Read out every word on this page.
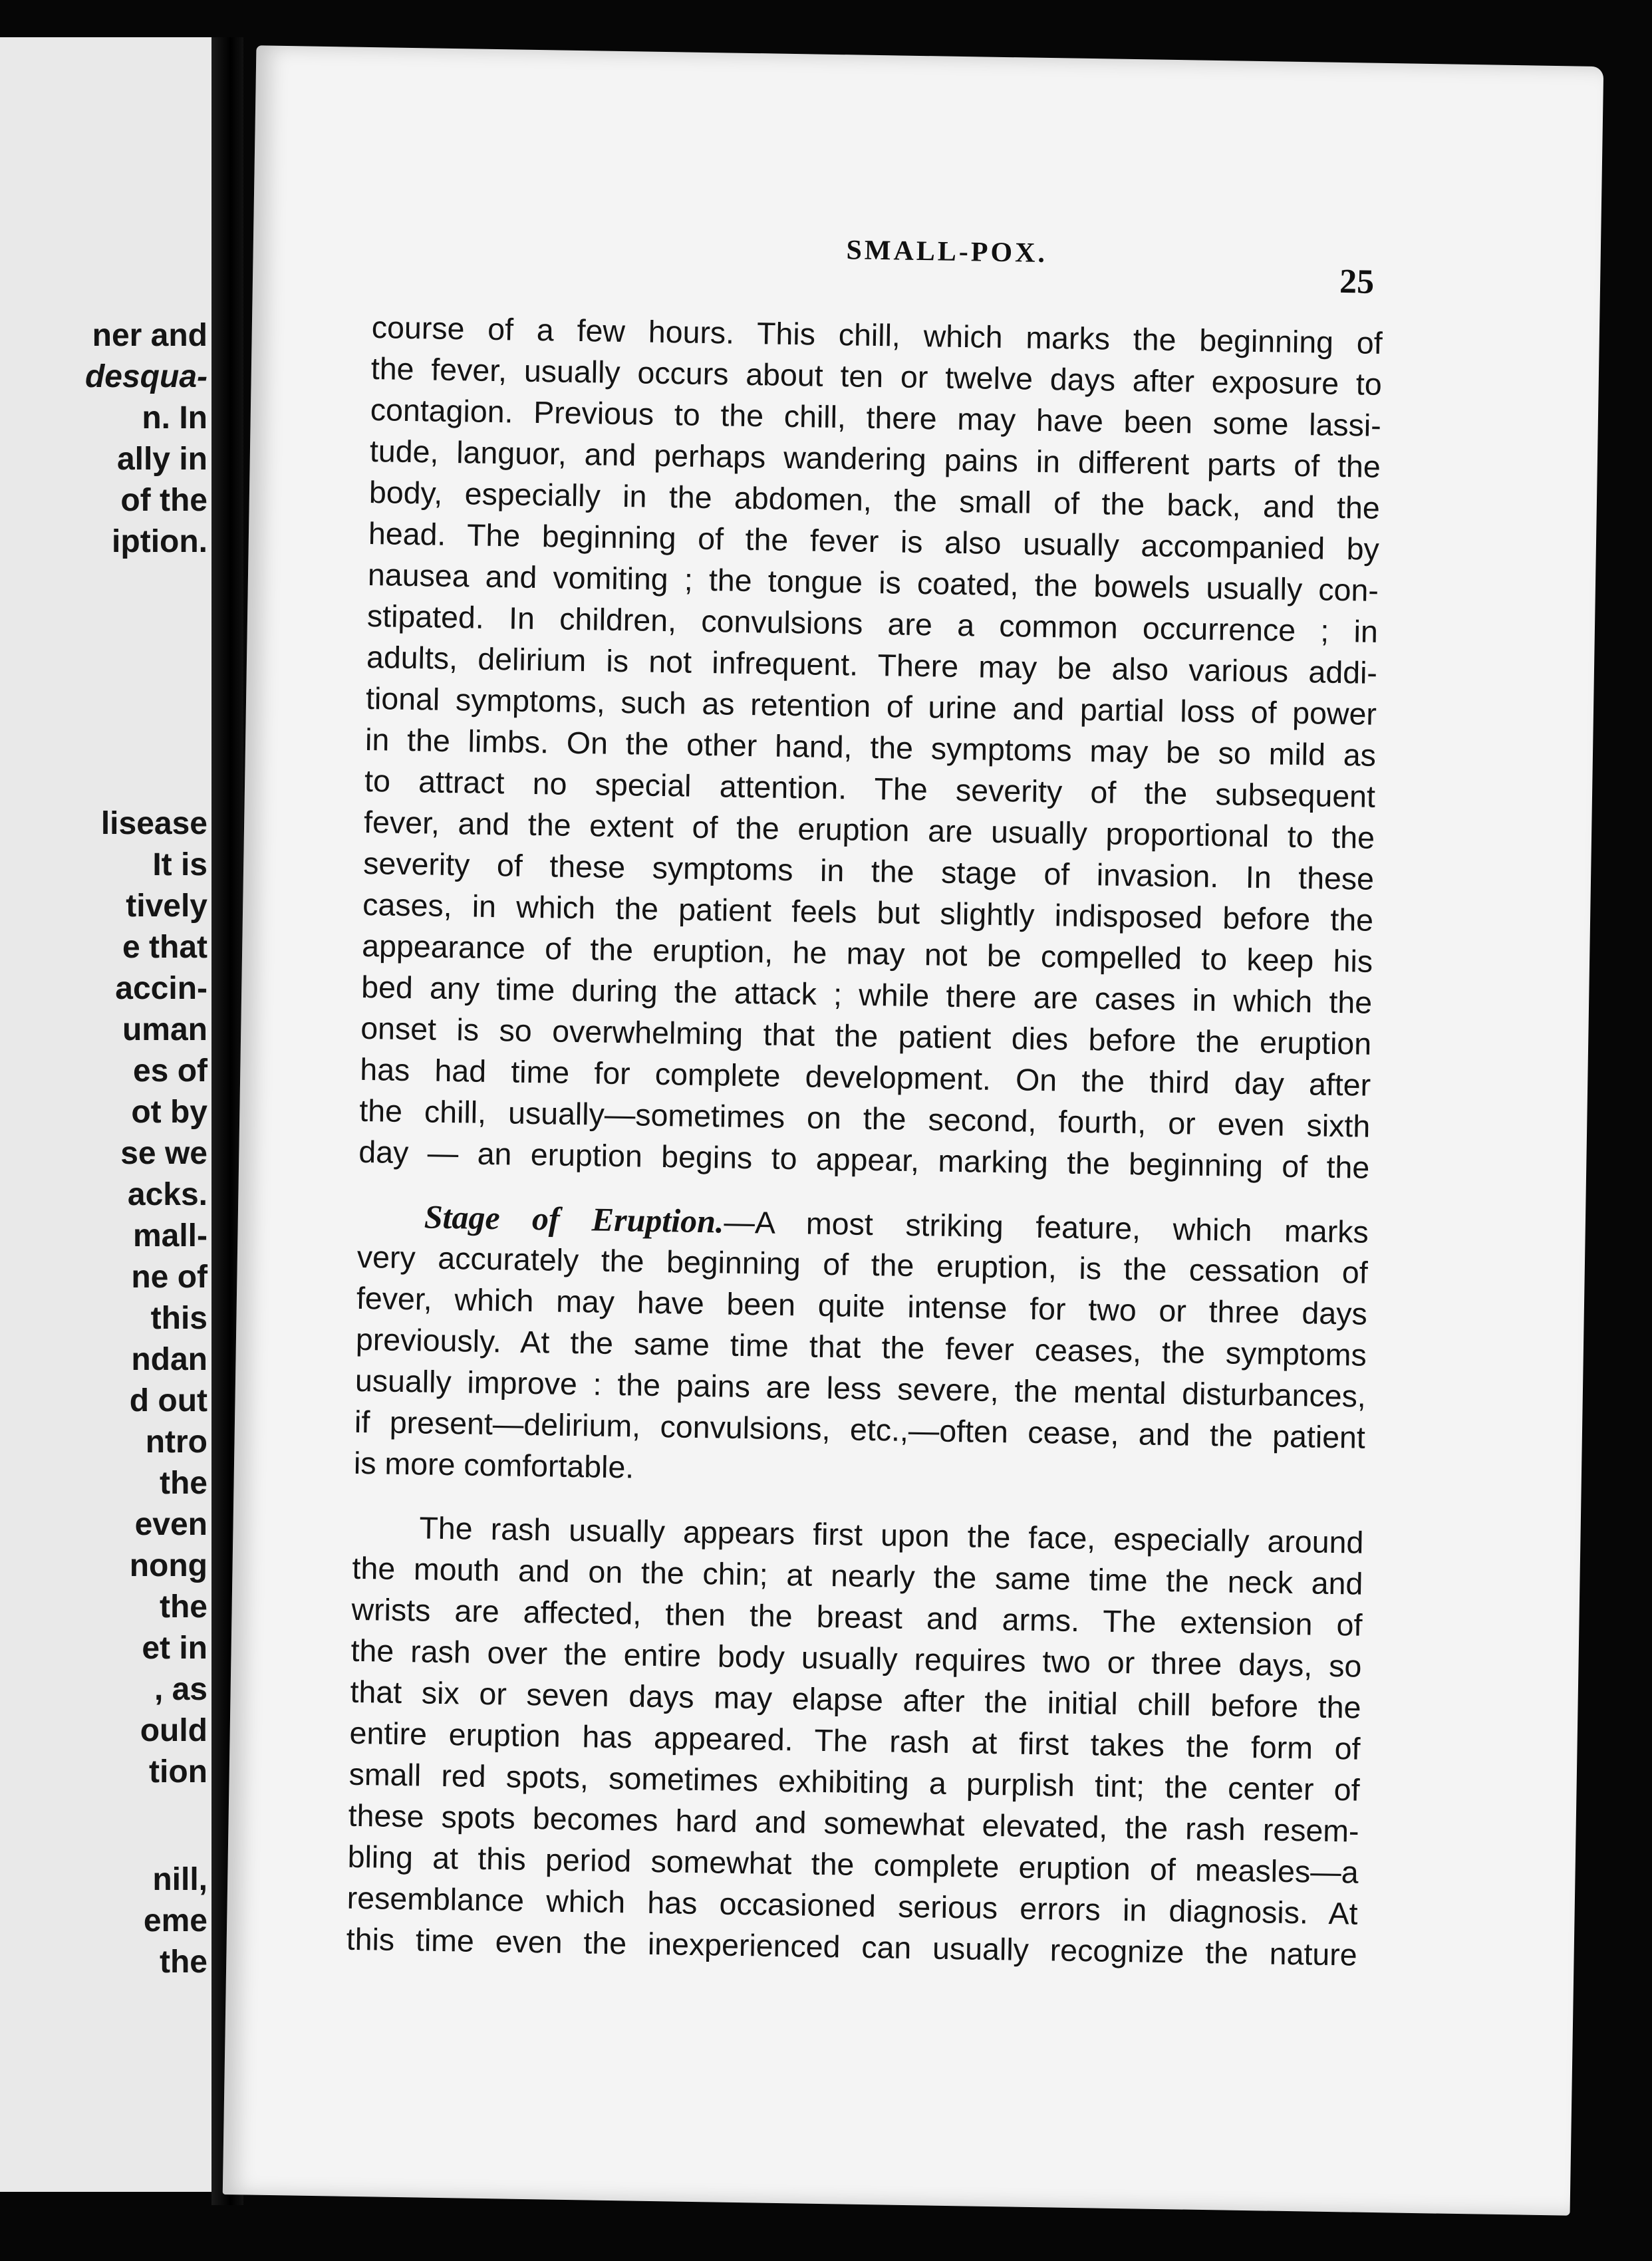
ner and
desqua-
n. In
ally in
of the
iption.
lisease
It is
tively
e that
accin-
uman
es of
ot by
se we
acks.
mall-
ne of
this
ndan
d out
ntro
the
even
nong
the
et in
, as
ould
tion
nill,
eme
the
SMALL-POX.
25
course of a few hours. This chill, which marks the beginning of
the fever, usually occurs about ten or twelve days after exposure to
contagion. Previous to the chill, there may have been some lassi-
tude, languor, and perhaps wandering pains in different parts of the
body, especially in the abdomen, the small of the back, and the
head. The beginning of the fever is also usually accompanied by
nausea and vomiting ; the tongue is coated, the bowels usually con-
stipated. In children, convulsions are a common occurrence ; in
adults, delirium is not infrequent. There may be also various addi-
tional symptoms, such as retention of urine and partial loss of power
in the limbs. On the other hand, the symptoms may be so mild as
to attract no special attention. The severity of the subsequent
fever, and the extent of the eruption are usually proportional to the
severity of these symptoms in the stage of invasion. In these
cases, in which the patient feels but slightly indisposed before the
appearance of the eruption, he may not be compelled to keep his
bed any time during the attack ; while there are cases in which the
onset is so overwhelming that the patient dies before the eruption
has had time for complete development. On the third day after
the chill, usually—sometimes on the second, fourth, or even sixth
day — an eruption begins to appear, marking the beginning of the
Stage of Eruption.—A most striking feature, which marks
very accurately the beginning of the eruption, is the cessation of
fever, which may have been quite intense for two or three days
previously. At the same time that the fever ceases, the symptoms
usually improve : the pains are less severe, the mental disturbances,
if present—delirium, convulsions, etc.,—often cease, and the patient
is more comfortable.
The rash usually appears first upon the face, especially around
the mouth and on the chin; at nearly the same time the neck and
wrists are affected, then the breast and arms. The extension of
the rash over the entire body usually requires two or three days, so
that six or seven days may elapse after the initial chill before the
entire eruption has appeared. The rash at first takes the form of
small red spots, sometimes exhibiting a purplish tint; the center of
these spots becomes hard and somewhat elevated, the rash resem-
bling at this period somewhat the complete eruption of measles—a
resemblance which has occasioned serious errors in diagnosis. At
this time even the inexperienced can usually recognize the nature
